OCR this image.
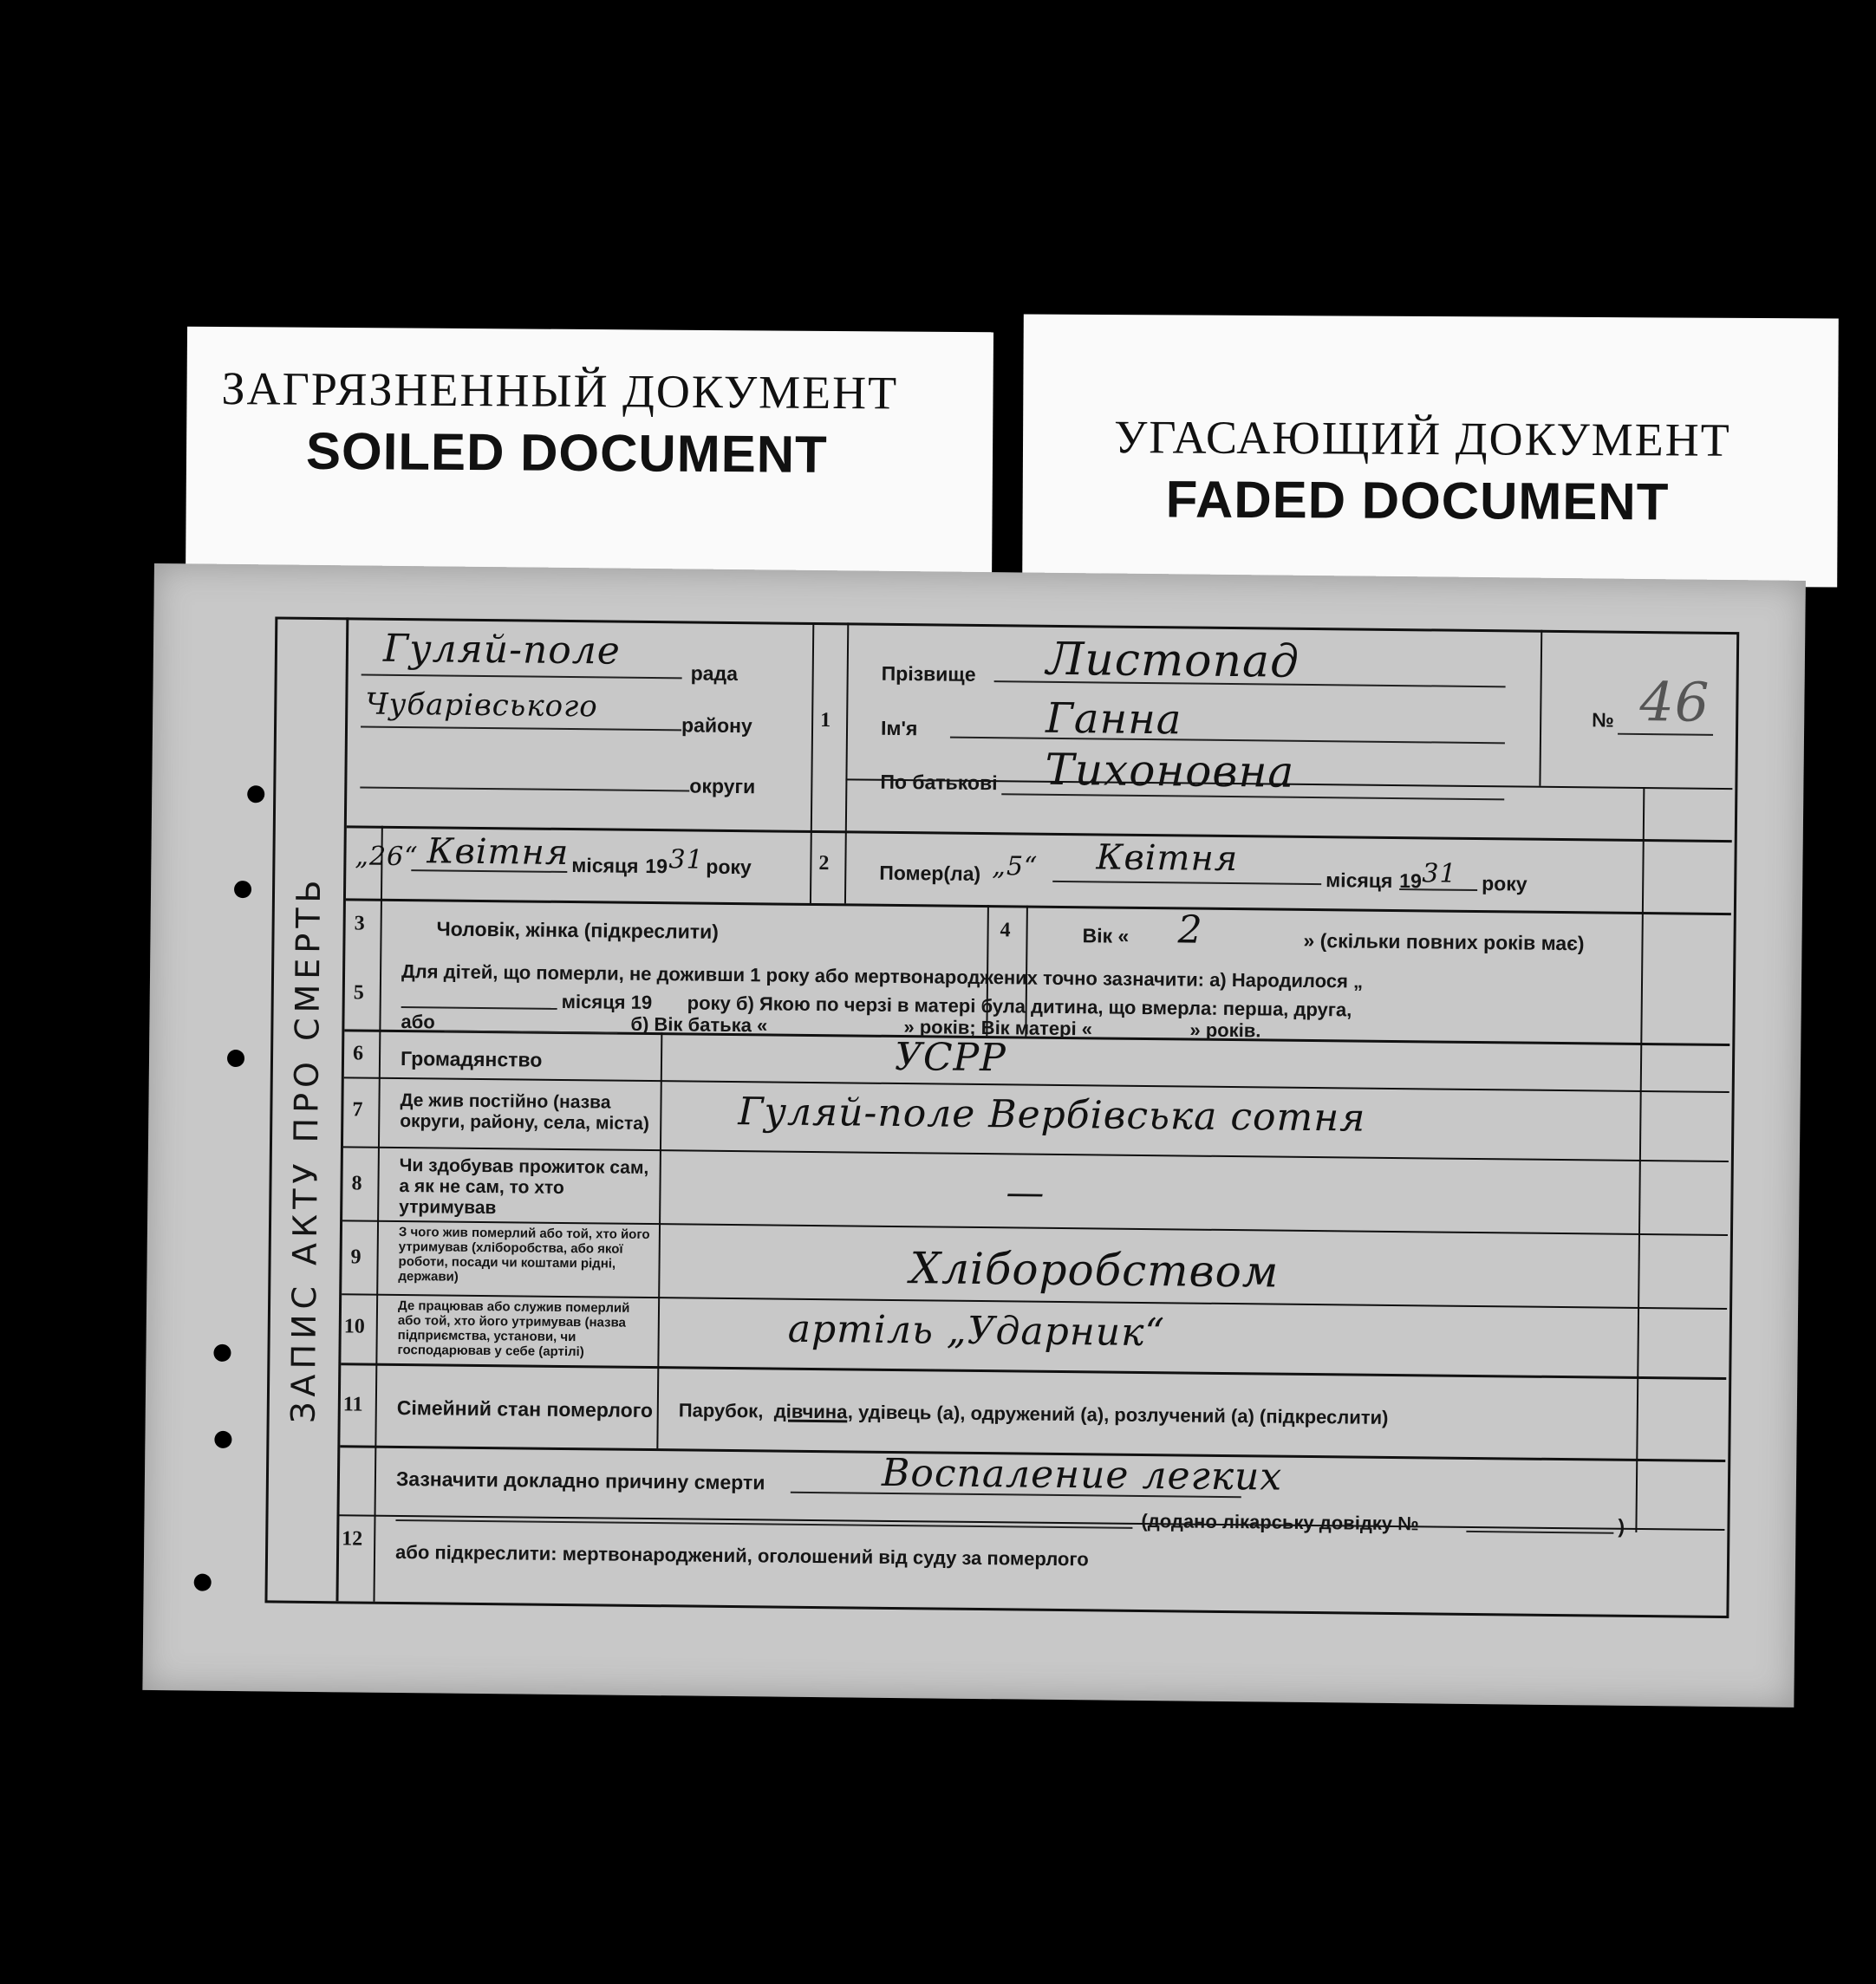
ЗАГРЯЗНЕННЫЙ ДОКУМЕНТ
SOILED DOCUMENT	УГАСАЮЩИЙ ДОКУМЕНТ
FADED DOCUMENT
ЗАПИС АКТУ ПРО СМЕРТЬ
Гуляй-поле
рада
Чубарівського
району
округи
„26“ Квітня місяця 19 31 року
1
Прізвище Листопад
Ім'я	Ганна
По батькові Тихоновна
№ 46
2	Помер(ла) „5“ Квітня
місяця 19 31 року
3	Чоловік, жінка (підкреслити)	4	Вік « 2	» (скільки повних років має)
5
Для дітей, що померли, не доживши 1 року або мертвонароджених точно зазначити: а) Народилося „
місяця 19 року б) Якою по черзі в матері була дитина, що вмерла: перша, друга,
або	б) Вік батька «	» років; Вік матері «	» років.
6 Громадянство	УСРР
7 Де жив постійно (назва округи, району, села, міста) Гуляй-поле Вербівська сотня
8
Чи здобував прожиток сам, а як не сам, то хто утримував	—
9
З чого жив померлий або той, хто його утримував (хліборобства, або якої роботи, посади чи коштами рідні, держави)	Хліборобством
10
Де працював або служив померлий або той, хто його утримував (назва підприємства, установи, чи господарював у себе (артілі)	артіль „Ударник“
11 Сімейний стан померлого Парубок, дівчина , удівець (а), одружений (а), розлучений (а) (підкреслити)
12
Зазначити докладно причину смерти	Воспаление легких
(додано лікарську довідку №	)
або підкреслити: мертвонароджений, оголошений від суду за померлого
